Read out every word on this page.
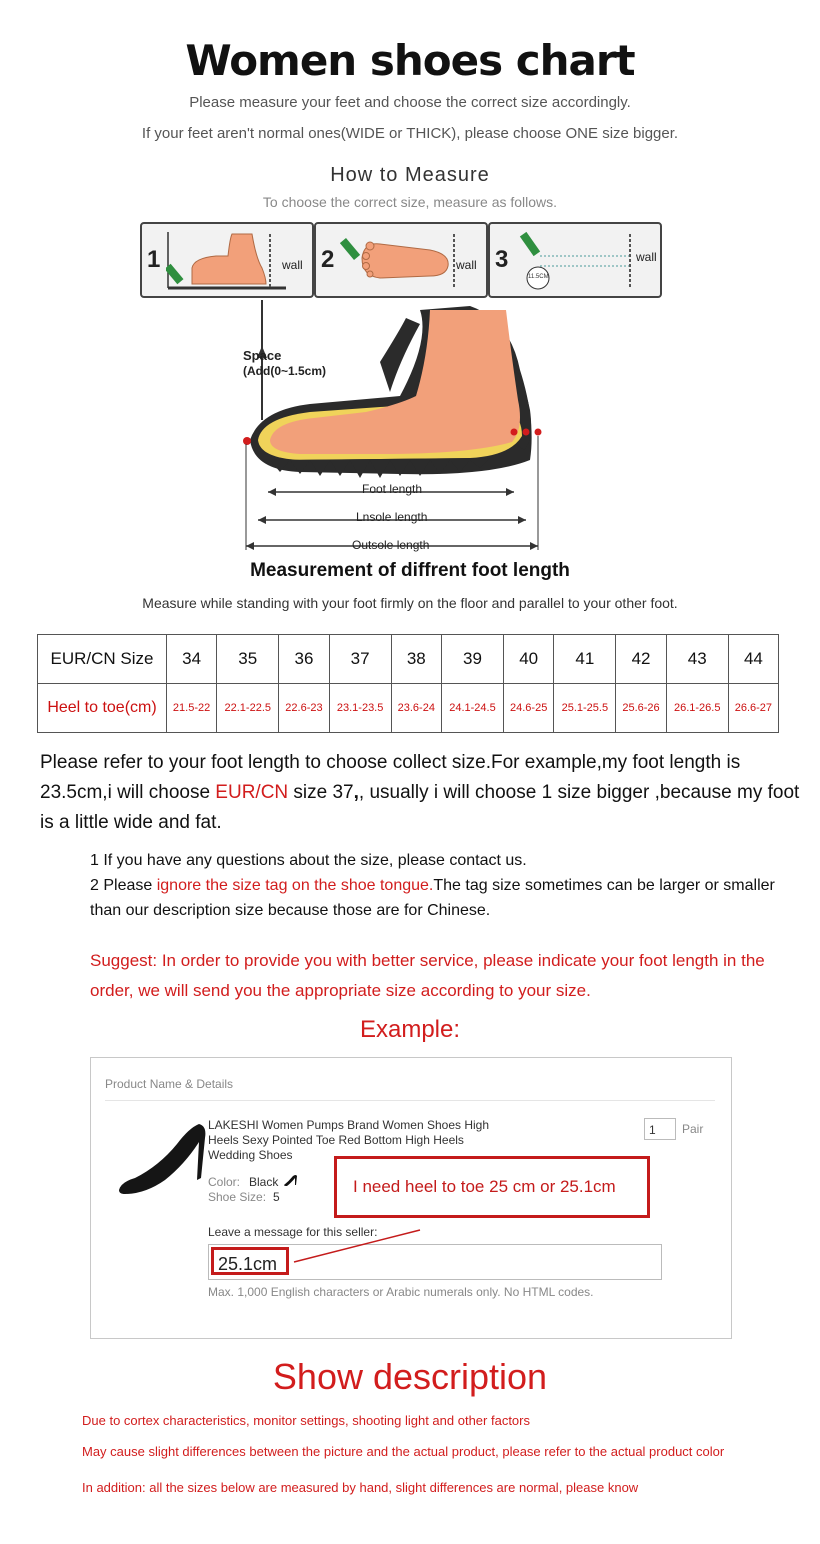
Women shoes chart
Please measure your feet and choose the correct size accordingly.
If your feet aren't normal ones(WIDE or THICK), please choose ONE size bigger.
How to Measure
To choose the correct size, measure as follows.
1	wall 2	wall 3
11.5CM
wall
Space
(Add(0~1.5cm)
Foot length
Lnsole length
Outsole length
Measurement of diffrent foot length
Measure while standing with your foot firmly on the floor and parallel to your other foot.
EUR/CN Size	34	35	36	37	38	39	40	41	42	43	44
Heel to toe(cm)	21.5-22	22.1-22.5	22.6-23	23.1-23.5	23.6-24	24.1-24.5	24.6-25	25.1-25.5	25.6-26	26.1-26.5	26.6-27
Please refer to your foot length to choose collect size.For example,my foot length is 23.5cm,i will choose EUR/CN size 37,, usually i will choose 1 size bigger ,because my foot is a little wide and fat.
1 If you have any questions about the size, please contact us.
2 Please ignore the size tag on the shoe tongue.The tag size sometimes can be larger or smaller than our description size because those are for Chinese.
Suggest: In order to provide you with better service, please indicate your foot length in the order, we will send you the appropriate size according to your size.
Example:
Product Name & Details
LAKESHI Women Pumps Brand Women Shoes High Heels Sexy Pointed Toe Red Bottom High Heels Wedding Shoes
Color: Black
Shoe Size: 5
1	Pair
Leave a message for this seller:
25.1cm
Max. 1,000 English characters or Arabic numerals only. No HTML codes.
I need heel to toe 25 cm or 25.1cm
Show description
Due to cortex characteristics, monitor settings, shooting light and other factors
May cause slight differences between the picture and the actual product, please refer to the actual product color
In addition: all the sizes below are measured by hand, slight differences are normal, please know
